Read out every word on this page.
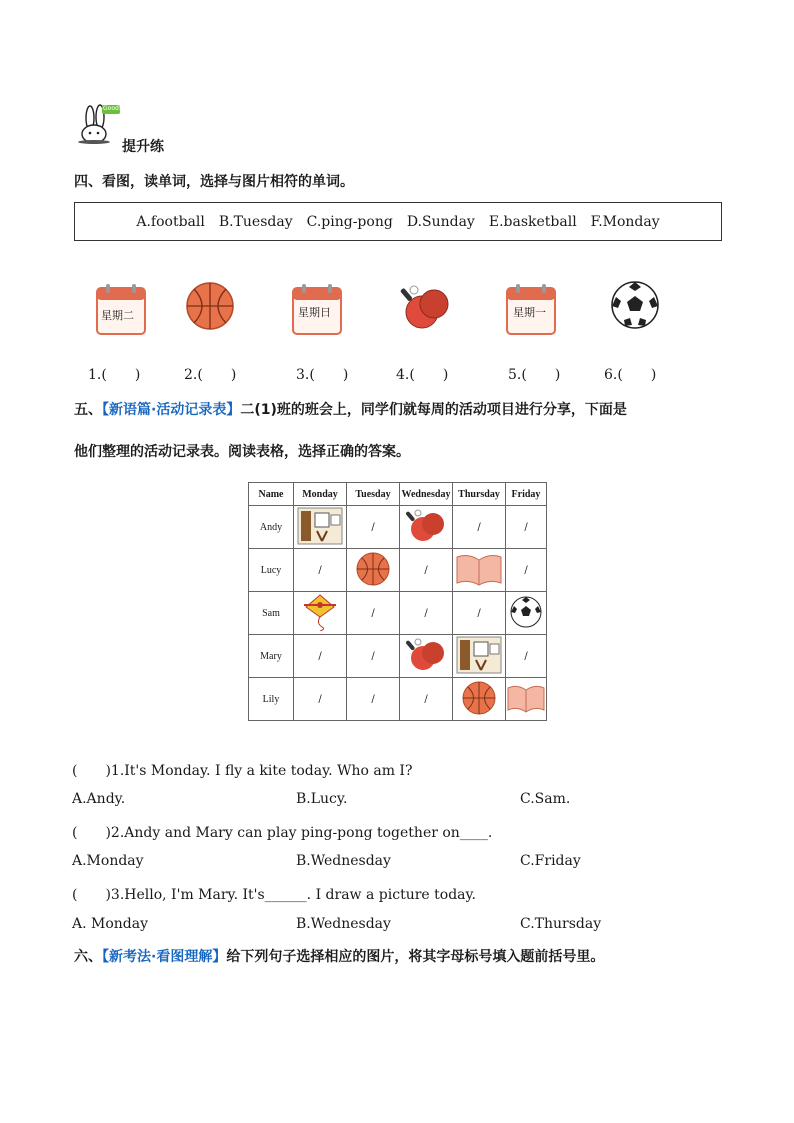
Good!
提升练
四、看图，读单词，选择与图片相符的单词。
A.football B.Tuesday C.ping-pong D.Sunday E.basketball F.Monday
星期二	星期日	星期一
1.(　　)	2.(　　)	3.(　　)	4.(　　)	5.(　　)	6.(　　)
五、【新语篇·活动记录表】二(1)班的班会上，同学们就每周的活动项目进行分享，下面是
他们整理的活动记录表。阅读表格，选择正确的答案。
Name	Monday	Tuesday	Wednesday	Thursday	Friday
Andy		/		/	/
Lucy	/		/		/
Sam		/	/	/	
Mary	/	/			/
Lily	/	/	/		
(　　)1.It's Monday. I fly a kite today. Who am I?
A.Andy.	B.Lucy.	C.Sam.
(　　)2.Andy and Mary can play ping-pong together on____.
A.Monday	B.Wednesday	C.Friday
(　　)3.Hello, I'm Mary. It's______. I draw a picture today.
A. Monday	B.Wednesday	C.Thursday
六、【新考法·看图理解】给下列句子选择相应的图片，将其字母标号填入题前括号里。
